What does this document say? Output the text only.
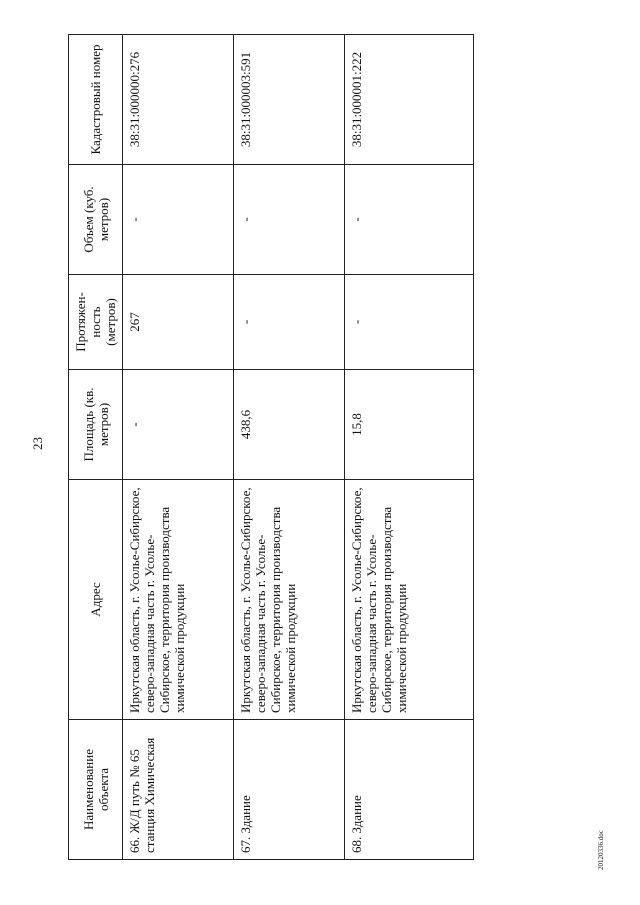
23
Наименование объекта	Адрес	Площадь (кв. метров)	Протяжен-ность (метров)	Объем (куб. метров)	Кадастровый номер
66. Ж/Д путь № 65 станция Химическая	Иркутская область, г. Усолье-Сибирское, северо-западная часть г. Усолье-Сибирское, территория производства химической продукции	-	267	-	38:31:000000:276
67. Здание	Иркутская область, г. Усолье-Сибирское, северо-западная часть г. Усолье-Сибирское, территория производства химической продукции	438,6	-	-	38:31:000003:591
68. Здание	Иркутская область, г. Усолье-Сибирское, северо-западная часть г. Усолье-Сибирское, территория производства химической продукции	15,8	-	-	38:31:000001:222
20120336.doc
